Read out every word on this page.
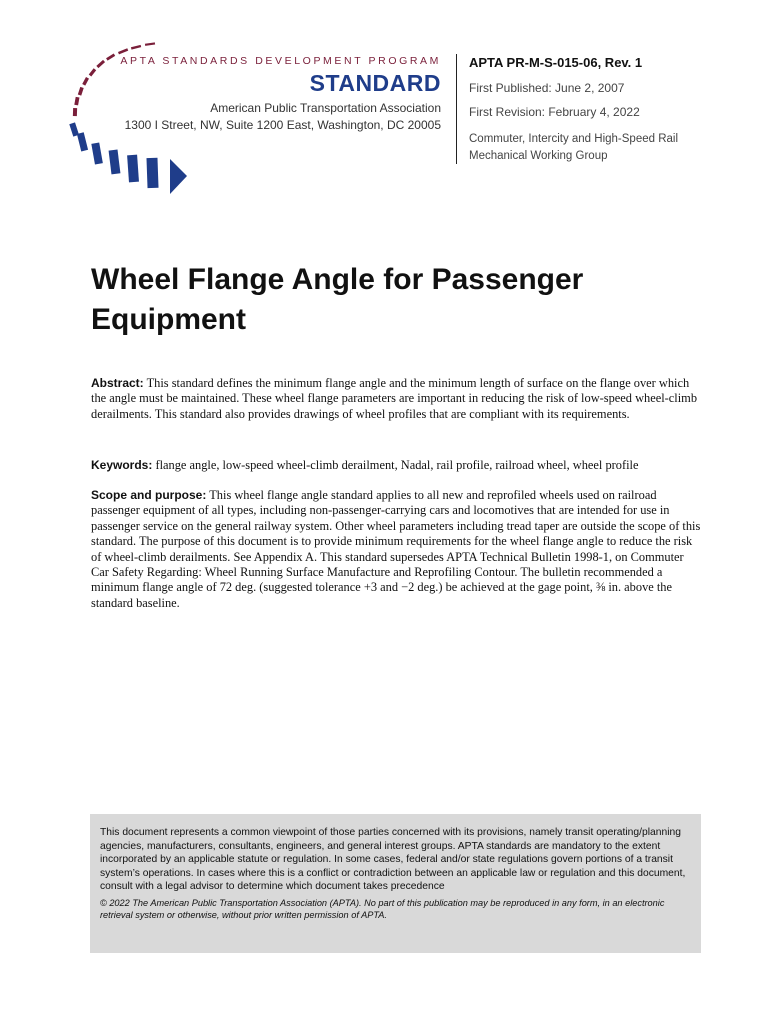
APTA STANDARDS DEVELOPMENT PROGRAM
STANDARD
American Public Transportation Association
1300 I Street, NW, Suite 1200 East, Washington, DC 20005
APTA PR-M-S-015-06, Rev. 1
First Published: June 2, 2007
First Revision: February 4, 2022
Commuter, Intercity and High-Speed Rail
Mechanical Working Group
Wheel Flange Angle for Passenger Equipment
Abstract: This standard defines the minimum flange angle and the minimum length of surface on the flange over which the angle must be maintained. These wheel flange parameters are important in reducing the risk of low-speed wheel-climb derailments. This standard also provides drawings of wheel profiles that are compliant with its requirements.
Keywords: flange angle, low-speed wheel-climb derailment, Nadal, rail profile, railroad wheel, wheel profile
Scope and purpose: This wheel flange angle standard applies to all new and reprofiled wheels used on railroad passenger equipment of all types, including non-passenger-carrying cars and locomotives that are intended for use in passenger service on the general railway system. Other wheel parameters including tread taper are outside the scope of this standard. The purpose of this document is to provide minimum requirements for the wheel flange angle to reduce the risk of wheel-climb derailments. See Appendix A. This standard supersedes APTA Technical Bulletin 1998-1, on Commuter Car Safety Regarding: Wheel Running Surface Manufacture and Reprofiling Contour. The bulletin recommended a minimum flange angle of 72 deg. (suggested tolerance +3 and −2 deg.) be achieved at the gage point, ⅜ in. above the standard baseline.
This document represents a common viewpoint of those parties concerned with its provisions, namely transit operating/planning agencies, manufacturers, consultants, engineers, and general interest groups. APTA standards are mandatory to the extent incorporated by an applicable statute or regulation. In some cases, federal and/or state regulations govern portions of a transit system’s operations. In cases where this is a conflict or contradiction between an applicable law or regulation and this document, consult with a legal advisor to determine which document takes precedence
© 2022 The American Public Transportation Association (APTA). No part of this publication may be reproduced in any form, in an electronic retrieval system or otherwise, without prior written permission of APTA.
